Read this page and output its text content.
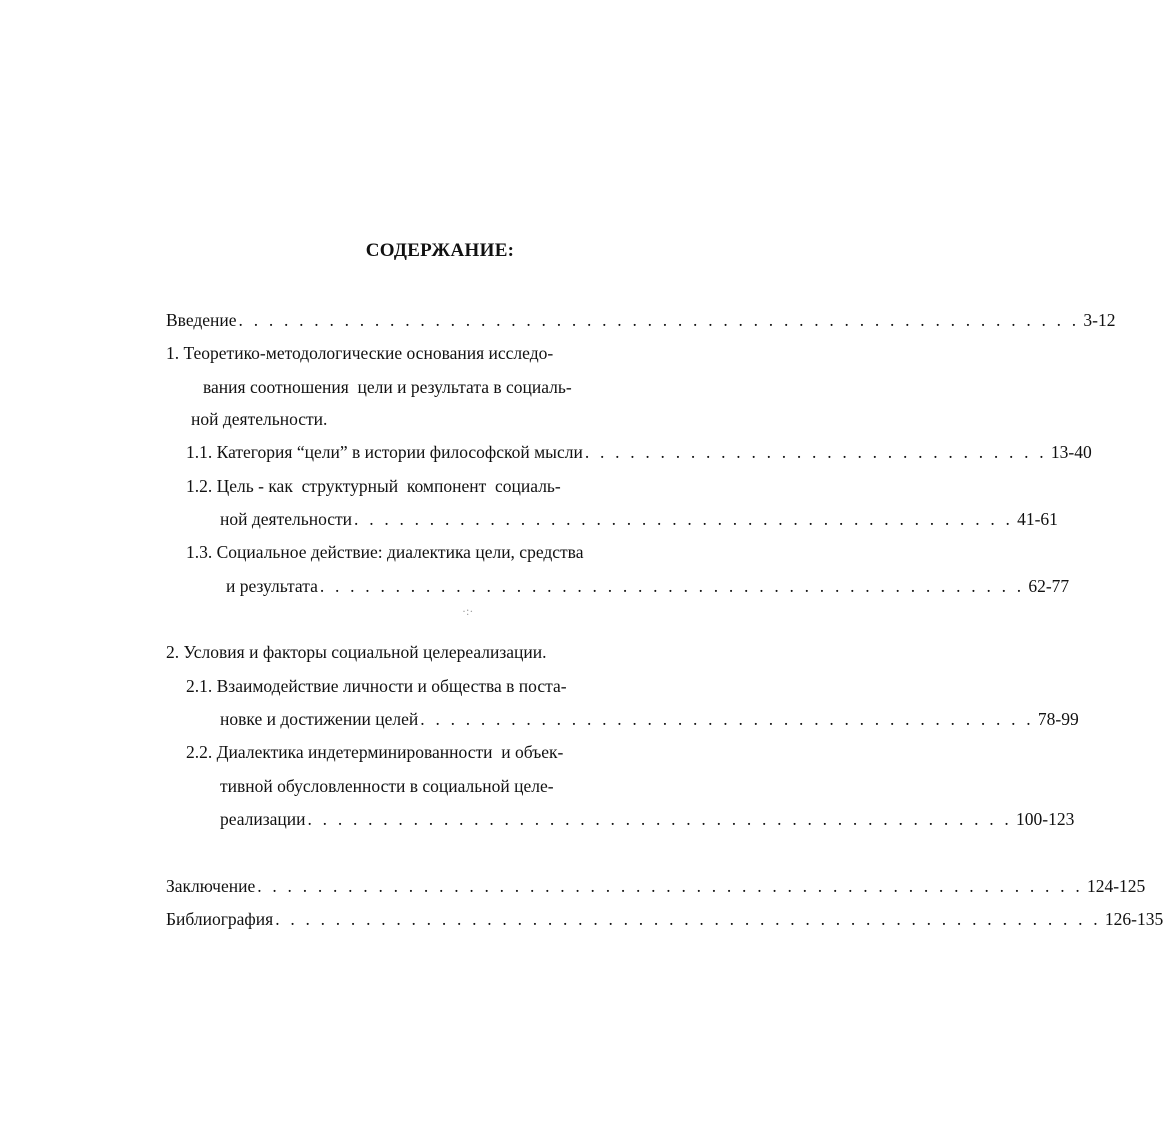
СОДЕРЖАНИЕ:
Введение . . . . . . . . . . . . . . . . . . . . . . . . . . . . . . . . . . . . . . . . . . . . . . . . . . . . . . . . 3-12
1. Теоретико-методологические основания исследо-
вания соотношения  цели и результата в социаль-
ной деятельности.
1.1. Категория “цели” в истории философской мысли . . . . . . . . . . . . . . . . . . . . . . . . . . . . . . . 13-40
1.2. Цель - как  структурный  компонент  социаль-
ной деятельности . . . . . . . . . . . . . . . . . . . . . . . . . . . . . . . . . . . . . . . . . . . . 41-61
1.3. Социальное действие: диалектика цели, средства
и результата . . . . . . . . . . . . . . . . . . . . . . . . . . . . . . . . . . . . . . . . . . . . . . . 62-77
·:·
2. Условия и факторы социальной целереализации.
2.1. Взаимодействие личности и общества в поста-
новке и достижении целей . . . . . . . . . . . . . . . . . . . . . . . . . . . . . . . . . . . . . . . . . 78-99
2.2. Диалектика индетерминированности  и объек-
тивной обусловленности в социальной целе-
реализации . . . . . . . . . . . . . . . . . . . . . . . . . . . . . . . . . . . . . . . . . . . . . . . 100-123
Заключение . . . . . . . . . . . . . . . . . . . . . . . . . . . . . . . . . . . . . . . . . . . . . . . . . . . . . . . 124-125
Библиография . . . . . . . . . . . . . . . . . . . . . . . . . . . . . . . . . . . . . . . . . . . . . . . . . . . . . . . 126-135
